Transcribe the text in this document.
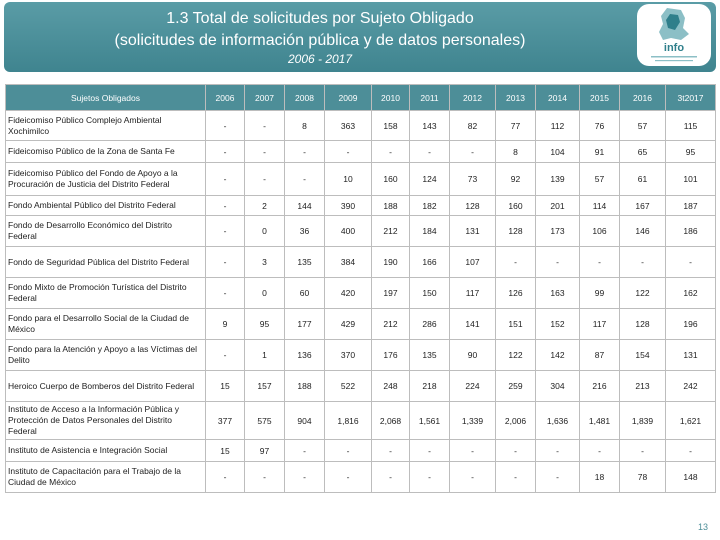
1.3 Total de solicitudes por Sujeto Obligado
(solicitudes de información pública y de datos personales)
2006 - 2017
info
Sujetos Obligados	2006	2007	2008	2009	2010	2011	2012	2013	2014	2015	2016	3t2017
Fideicomiso Público Complejo Ambiental Xochimilco	-	-	8	363	158	143	82	77	112	76	57	115
Fideicomiso Público de la Zona de Santa Fe	-	-	-	-	-	-	-	8	104	91	65	95
Fideicomiso Público del Fondo de Apoyo a la Procuración de Justicia del Distrito Federal	-	-	-	10	160	124	73	92	139	57	61	101
Fondo Ambiental Público del Distrito Federal	-	2	144	390	188	182	128	160	201	114	167	187
Fondo de Desarrollo Económico del Distrito Federal	-	0	36	400	212	184	131	128	173	106	146	186
Fondo de Seguridad Pública del Distrito Federal	-	3	135	384	190	166	107	-	-	-	-	-
Fondo Mixto de Promoción Turística del Distrito Federal	-	0	60	420	197	150	117	126	163	99	122	162
Fondo para el Desarrollo Social de la Ciudad de México	9	95	177	429	212	286	141	151	152	117	128	196
Fondo para la Atención y Apoyo a las Víctimas del Delito	-	1	136	370	176	135	90	122	142	87	154	131
Heroico Cuerpo de Bomberos del Distrito Federal	15	157	188	522	248	218	224	259	304	216	213	242
Instituto de Acceso a la Información Pública y Protección de Datos Personales del Distrito Federal	377	575	904	1,816	2,068	1,561	1,339	2,006	1,636	1,481	1,839	1,621
Instituto de Asistencia e Integración Social	15	97	-	-	-	-	-	-	-	-	-	-
Instituto de Capacitación para el Trabajo de la Ciudad de México	-	-	-	-	-	-	-	-	-	18	78	148
13
